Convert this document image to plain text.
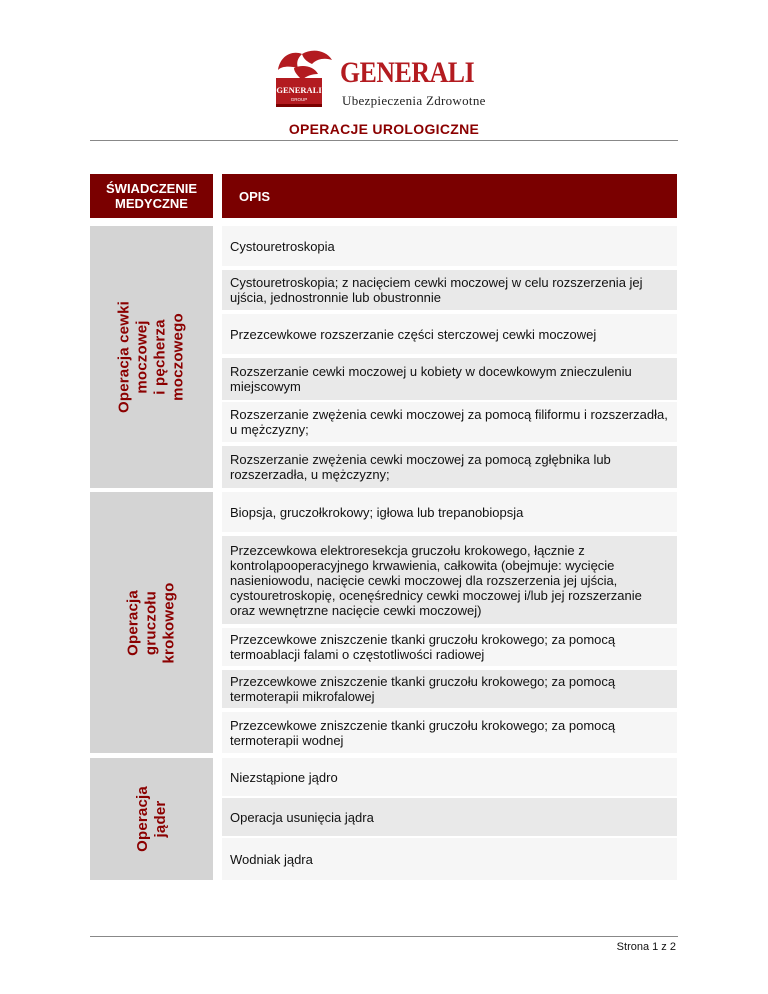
GENERALI
GROUP
GENERALI
Ubezpieczenia Zdrowotne
OPERACJE UROLOGICZNE
ŚWIADCZENIE
MEDYCZNE	OPIS
Operacja cewki moczowej
i pęcherza moczowego
Operacja gruczołu krokowego
Operacja
jąder
Cystouretroskopia
Cystouretroskopia; z nacięciem cewki moczowej w celu rozszerzenia jej ujścia, jednostronnie lub obustronnie
Przezcewkowe rozszerzanie części sterczowej cewki moczowej
Rozszerzanie cewki moczowej u kobiety w docewkowym znieczuleniu miejscowym
Rozszerzanie zwężenia cewki moczowej za pomocą filiformu i rozszerzadła, u mężczyzny;
Rozszerzanie zwężenia cewki moczowej za pomocą zgłębnika lub rozszerzadła, u mężczyzny;
Biopsja, gruczołkrokowy; igłowa lub trepanobiopsja
Przezcewkowa elektroresekcja gruczołu krokowego, łącznie z kontroląpooperacyjnego krwawienia, całkowita (obejmuje: wycięcie nasieniowodu, nacięcie cewki moczowej dla rozszerzenia jej ujścia, cystouretroskopię, ocenęśrednicy cewki moczowej i/lub jej rozszerzanie oraz wewnętrzne nacięcie cewki moczowej)
Przezcewkowe zniszczenie tkanki gruczołu krokowego; za pomocą termoablacji falami o częstotliwości radiowej
Przezcewkowe zniszczenie tkanki gruczołu krokowego; za pomocą termoterapii mikrofalowej
Przezcewkowe zniszczenie tkanki gruczołu krokowego; za pomocą termoterapii wodnej
Niezstąpione jądro
Operacja usunięcia jądra
Wodniak jądra
Strona 1 z 2
